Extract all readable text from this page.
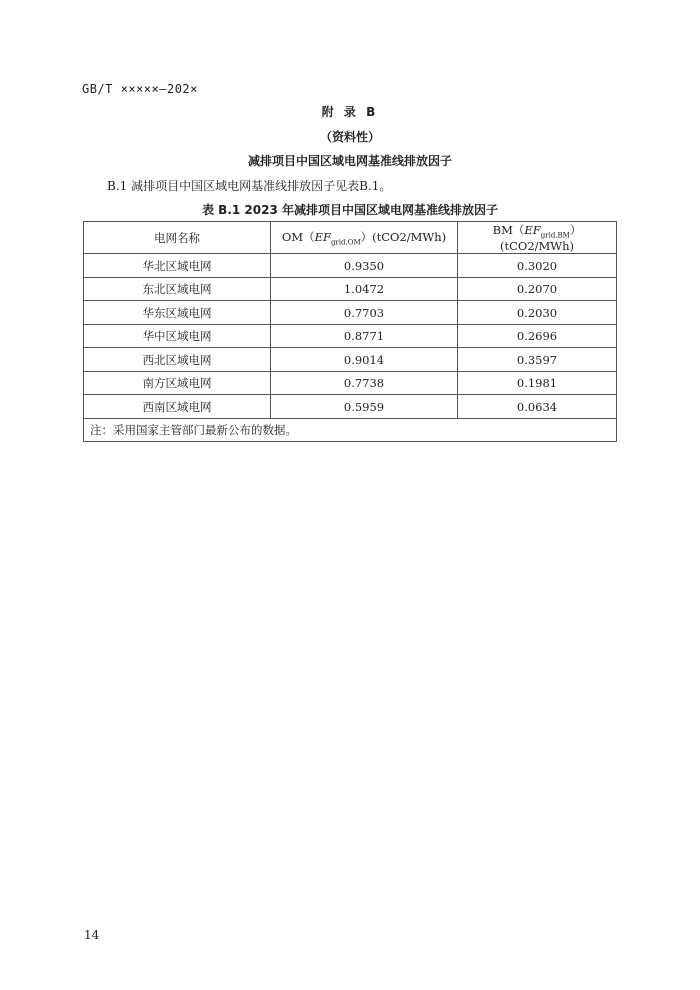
GB/T ×××××—202×
附 录 B
（资料性）
减排项目中国区域电网基准线排放因子
B.1 减排项目中国区域电网基准线排放因子见表B.1。
表 B.1 2023 年减排项目中国区域电网基准线排放因子
电网名称	$OM(EF_{grid,OM})(tCO2/MWh)$	$BM(EF_{grid,BM})(tCO2/MWh)$
华北区域电网	0.9350	0.3020
东北区域电网	1.0472	0.2070
华东区域电网	0.7703	0.2030
华中区域电网	0.8771	0.2696
西北区域电网	0.9014	0.3597
南方区域电网	0.7738	0.1981
西南区域电网	0.5959	0.0634
注：采用国家主管部门最新公布的数据。		
14
